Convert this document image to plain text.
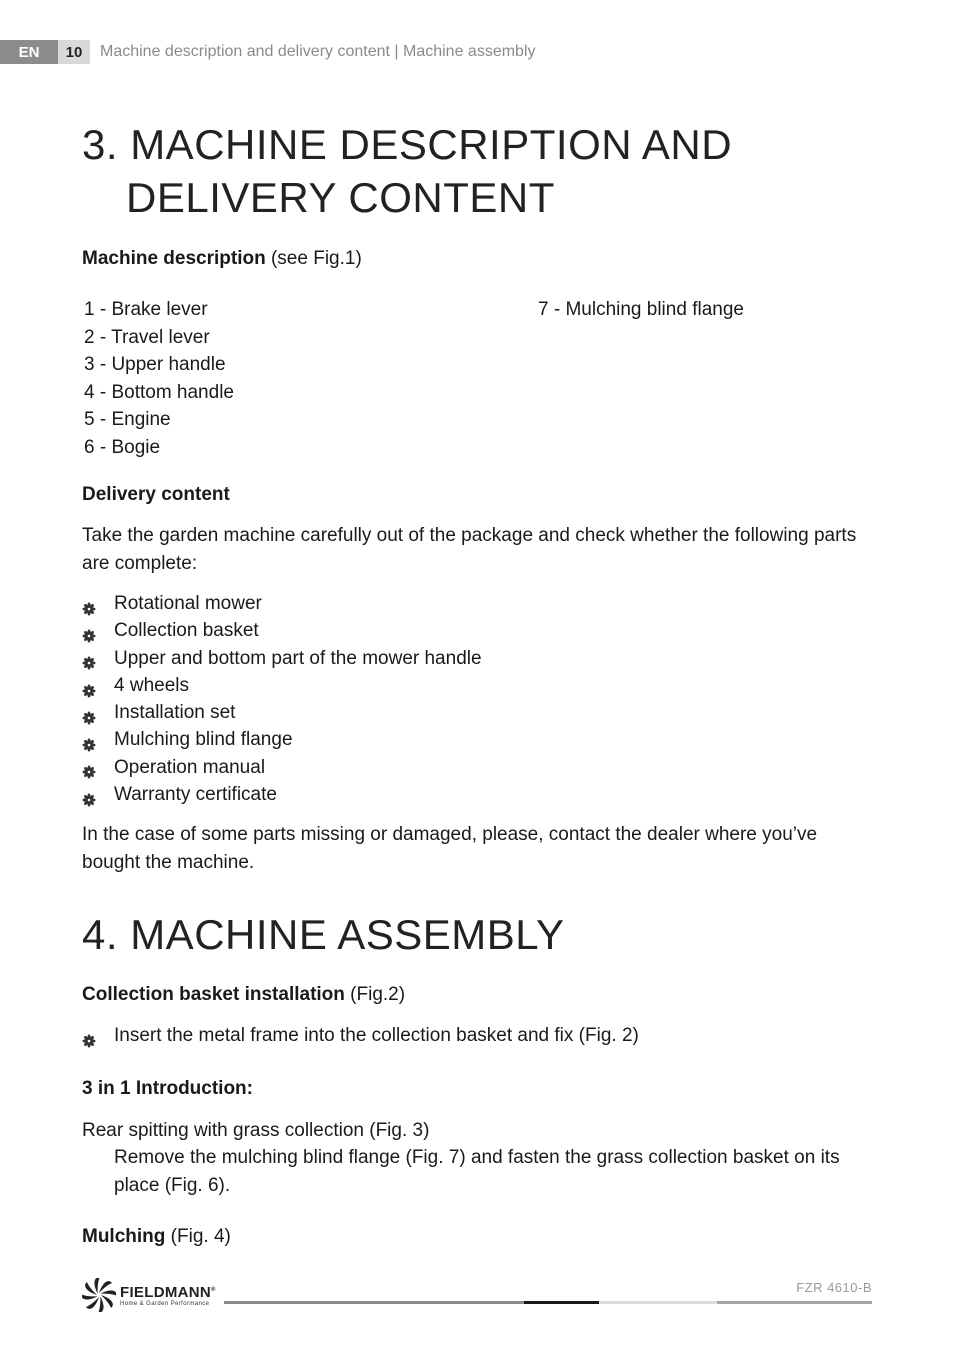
EN	10	Machine description and delivery content | Machine assembly
3. MACHINE DESCRIPTION AND
DELIVERY CONTENT
Machine description (see Fig.1)
1 - Brake lever
2 - Travel lever
3 - Upper handle
4 - Bottom handle
5 - Engine
6 - Bogie
7 - Mulching blind flange
Delivery content
Take the garden machine carefully out of the package and check whether the following parts are complete:
Rotational mower
Collection basket
Upper and bottom part of the mower handle
4 wheels
Installation set
Mulching blind flange
Operation manual
Warranty certificate
In the case of some parts missing or damaged, please, contact the dealer where you’ve bought the machine.
4. MACHINE ASSEMBLY
Collection basket installation (Fig.2)
Insert the metal frame into the collection basket and fix (Fig. 2)
3 in 1 Introduction:
Rear spitting with grass collection (Fig. 3)
Remove the mulching blind flange (Fig. 7) and fasten the grass collection basket on its place (Fig. 6).
Mulching (Fig. 4)
FIELDMANN®
Home & Garden Performance
FZR 4610-B
